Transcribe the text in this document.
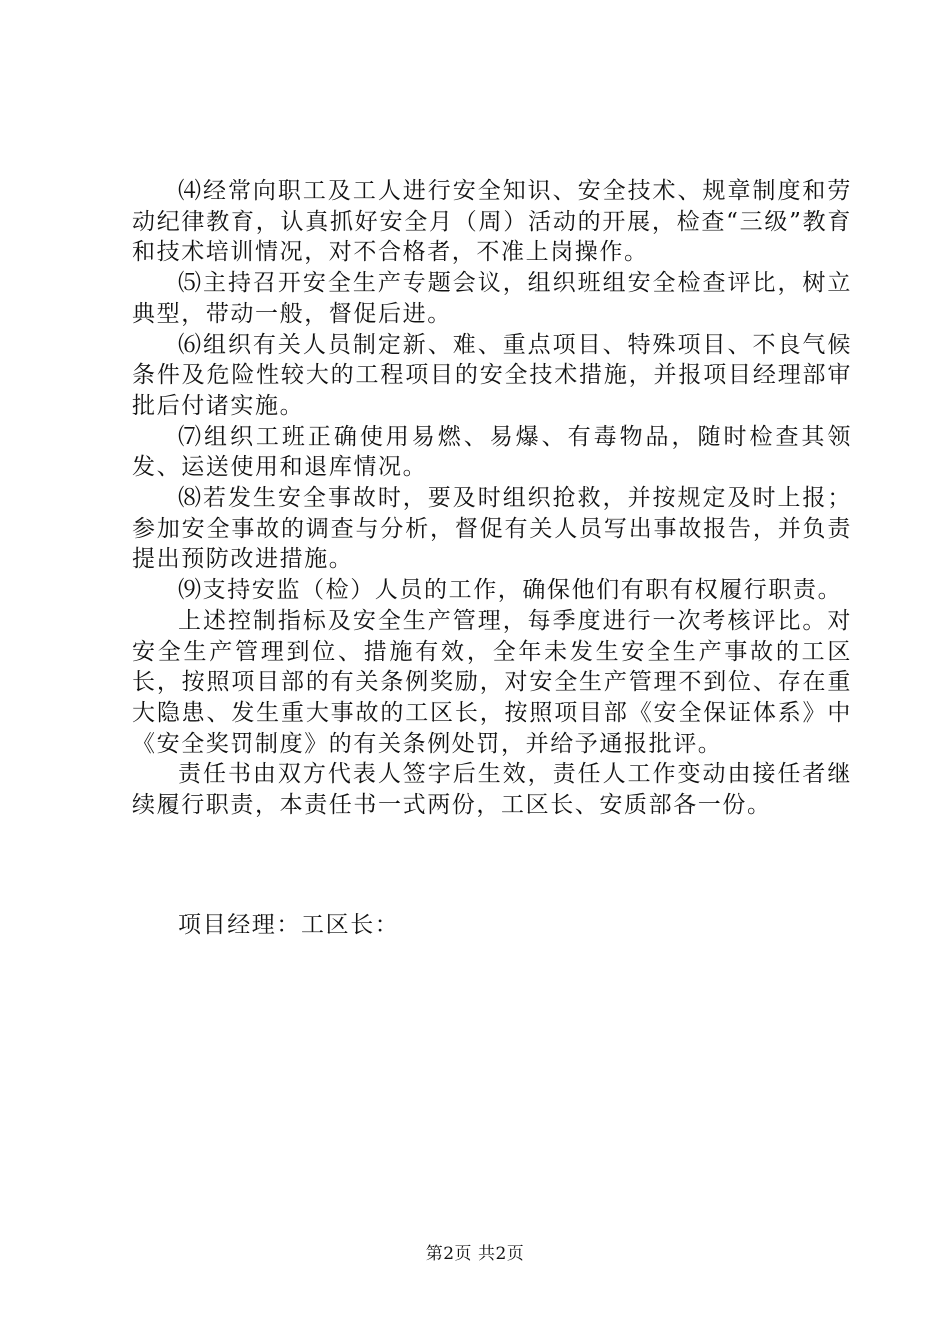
⑷经常向职工及工人进行安全知识、安全技术、规章制度和劳动纪律教育，认真抓好安全月（周）活动的开展，检查“三级”教育和技术培训情况，对不合格者，不准上岗操作。

⑸主持召开安全生产专题会议，组织班组安全检查评比，树立典型，带动一般，督促后进。

⑹组织有关人员制定新、难、重点项目、特殊项目、不良气候条件及危险性较大的工程项目的安全技术措施，并报项目经理部审批后付诸实施。

⑺组织工班正确使用易燃、易爆、有毒物品，随时检查其领发、运送使用和退库情况。

⑻若发生安全事故时，要及时组织抢救，并按规定及时上报；参加安全事故的调查与分析，督促有关人员写出事故报告，并负责提出预防改进措施。

⑼支持安监（检）人员的工作，确保他们有职有权履行职责。

上述控制指标及安全生产管理，每季度进行一次考核评比。对安全生产管理到位、措施有效，全年未发生安全生产事故的工区长，按照项目部的有关条例奖励，对安全生产管理不到位、存在重大隐患、发生重大事故的工区长，按照项目部《安全保证体系》中《安全奖罚制度》的有关条例处罚，并给予通报批评。

责任书由双方代表人签字后生效，责任人工作变动由接任者继续履行职责，本责任书一式两份，工区长、安质部各一份。

项目经理：工区长：
第2页 共2页
